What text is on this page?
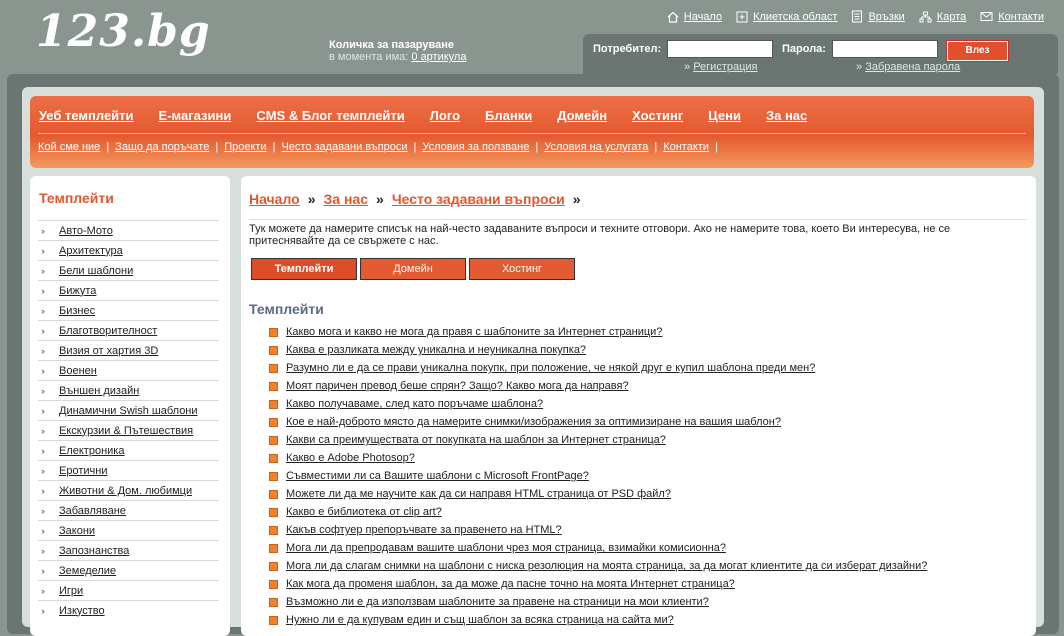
123.bg	Количка за пазаруване
в момента има: 0 артикула
Начало	Клиетска област	Връзки	Карта	Контакти
Потребител:	Парола:	Влез
» Регистрация	» Забравена парола
Уеб темплейти Е-магазини CMS & Блог темплейти Лого Бланки Домейн Хостинг Цени За нас
Кой сме ние | Защо да поръчате | Проекти | Често задавани въпроси | Условия за ползване | Условия на услугата | Контакти |
Темплейти
››	Авто-Мото
››	Архитектура
››	Бели шаблони
››	Бижута
››	Бизнес
››	Благотворителност
››	Визия от хартия 3D
››	Военен
››	Външен дизайн
››	Динамични Swish шаблони
››	Екскурзии & Пътешествия
››	Електроника
››	Еротични
››	Животни & Дом. любимци
››	Забавляване
››	Закони
››	Запознанства
››	Земеделие
››	Игри
››	Изкуство
Начало » За нас » Често задавани въпроси »
Тук можете да намерите списък на най-често задаваните въпроси и техните отговори. Ако не намерите това, което Ви интересува, не се притеснявайте да се свържете с нас.
Темплейти	Домейн	Хостинг
Темплейти
Какво мога и какво не мога да правя с шаблоните за Интернет страници?
Каква е разликата между уникална и неуникална покупка?
Разумно ли е да се прави уникална покупк, при положение, че някой друг е купил шаблона преди мен?
Моят паричен превод беше спрян? Защо? Какво мога да направя?
Какво получаваме, след като поръчаме шаблона?
Кое е най-доброто място да намерите снимки/изображения за оптимизиране на вашия шаблон?
Какви са преимуществата от покупката на шаблон за Интернет страница?
Какво е Adobe Photosop?
Съвместими ли са Вашите шаблони с Microsoft FrontPage?
Можете ли да ме научите как да си направя HTML страница от PSD файл?
Какво е библиотека от clip art?
Какъв софтуер препоръчвате за правенето на HTML?
Мога ли да препродавам вашите шаблони чрез моя страница, взимайки комисионна?
Мога ли да слагам снимки на шаблони с ниска резолюция на моята страница, за да могат клиентите да си изберат дизайни?
Как мога да променя шаблон, за да може да пасне точно на моята Интернет страница?
Възможно ли е да използвам шаблоните за правене на страници на мои клиенти?
Нужно ли е да купувам един и същ шаблон за всяка страница на сайта ми?
